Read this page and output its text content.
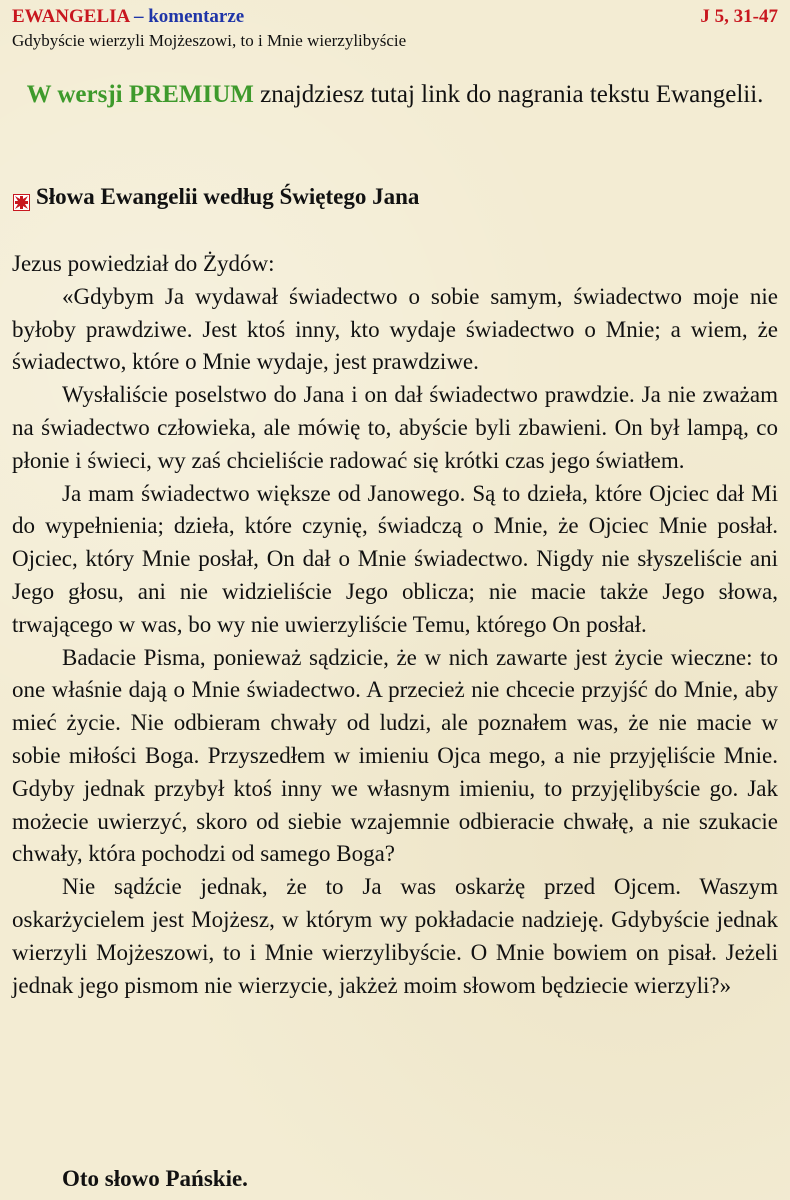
EWANGELIA – komentarze	J 5, 31-47
Gdybyście wierzyli Mojżeszowi, to i Mnie wierzylibyście
W wersji PREMIUM znajdziesz tutaj link do nagrania tekstu Ewangelii.
Słowa Ewangelii według Świętego Jana

Jezus powiedział do Żydów:

«Gdybym Ja wydawał świadectwo o sobie samym, świadectwo moje nie byłoby prawdziwe. Jest ktoś inny, kto wydaje świadectwo o Mnie; a wiem, że świadectwo, które o Mnie wydaje, jest prawdziwe.

Wysłaliście poselstwo do Jana i on dał świadectwo prawdzie. Ja nie zważam na świadectwo człowieka, ale mówię to, abyście byli zbawieni. On był lampą, co płonie i świeci, wy zaś chcieliście radować się krótki czas jego światłem.

Ja mam świadectwo większe od Janowego. Są to dzieła, które Ojciec dał Mi do wypełnienia; dzieła, które czynię, świadczą o Mnie, że Ojciec Mnie posłał. Ojciec, który Mnie posłał, On dał o Mnie świadectwo. Nigdy nie słyszeliście ani Jego głosu, ani nie widzieliście Jego oblicza; nie macie także Jego słowa, trwającego w was, bo wy nie uwierzyliście Temu, którego On posłał.

Badacie Pisma, ponieważ sądzicie, że w nich zawarte jest życie wieczne: to one właśnie dają o Mnie świadectwo. A przecież nie chcecie przyjść do Mnie, aby mieć życie. Nie odbieram chwały od ludzi, ale poznałem was, że nie macie w sobie miłości Boga. Przyszedłem w imieniu Ojca mego, a nie przyjęliście Mnie. Gdyby jednak przybył ktoś inny we własnym imieniu, to przyjęlibyście go. Jak możecie uwierzyć, skoro od siebie wzajemnie odbieracie chwałę, a nie szukacie chwały, która pochodzi od samego Boga?

Nie sądźcie jednak, że to Ja was oskarżę przed Ojcem. Waszym oskarżycielem jest Mojżesz, w którym wy pokładacie nadzieję. Gdybyście jednak wierzyli Mojżeszowi, to i Mnie wierzylibyście. O Mnie bowiem on pisał. Jeżeli jednak jego pismom nie wierzycie, jakżeż moim słowom będziecie wierzyli?»

Oto słowo Pańskie.
